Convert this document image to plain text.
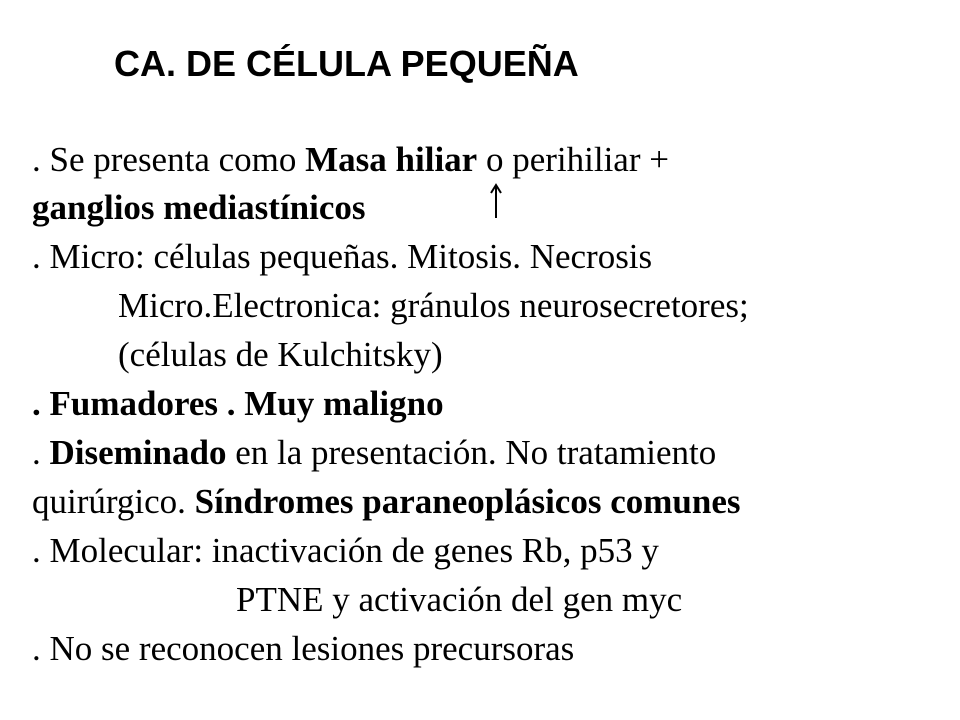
CA. DE CÉLULA PEQUEÑA
. Se presenta como Masa hiliar o perihiliar +
ganglios mediastínicos
. Micro: células pequeñas. Mitosis. Necrosis
Micro.Electronica: gránulos neurosecretores;
(células de Kulchitsky)
. Fumadores . Muy maligno
. Diseminado en la presentación. No tratamiento
quirúrgico. Síndromes paraneoplásicos comunes
. Molecular: inactivación de genes Rb, p53 y
PTNE y activación del gen myc
. No se reconocen lesiones precursoras
